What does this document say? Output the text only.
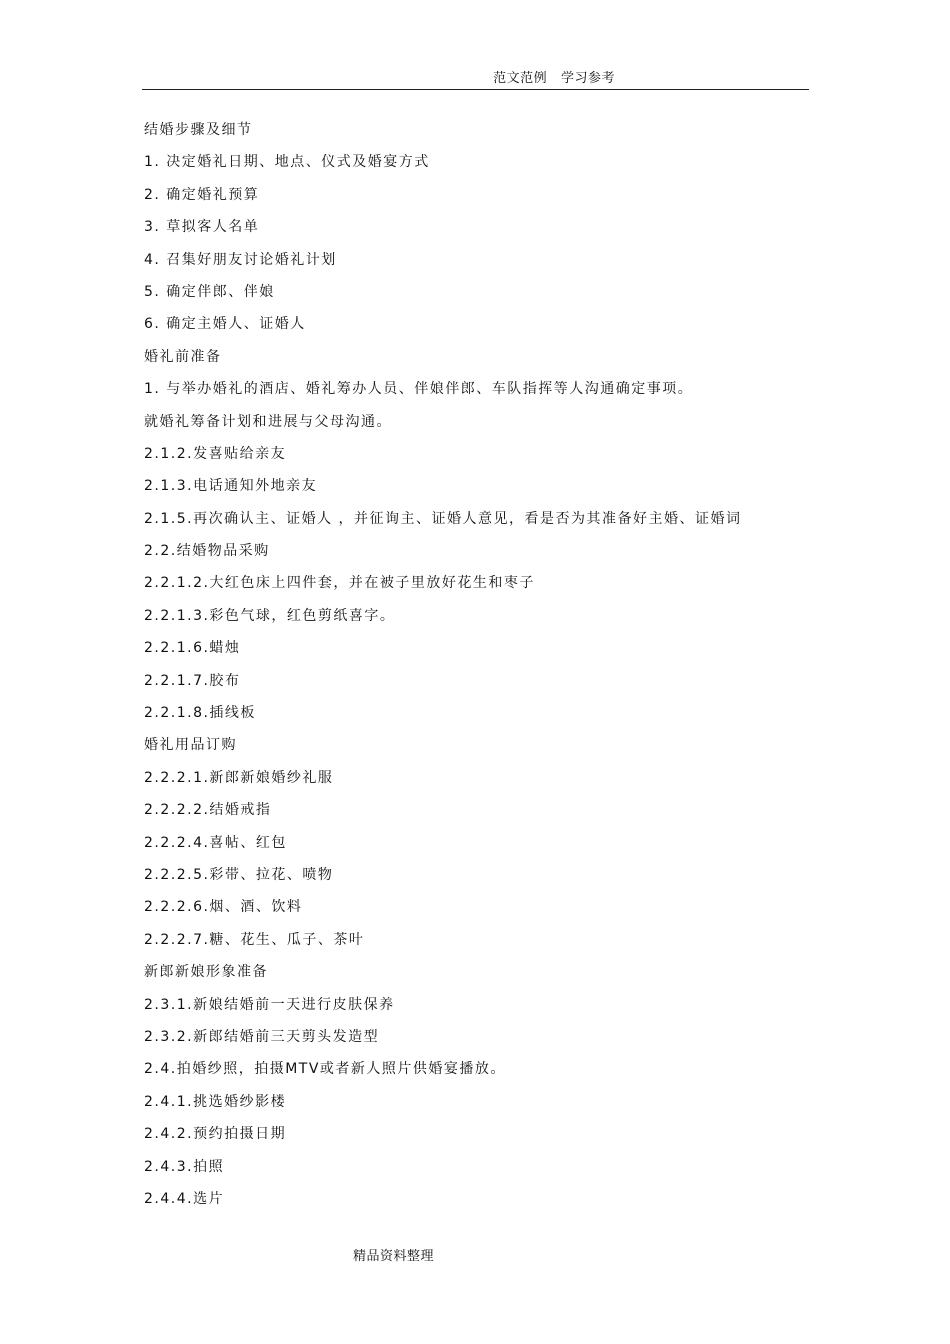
范文范例   学习参考
结婚步骤及细节
1. 决定婚礼日期、地点、仪式及婚宴方式
2. 确定婚礼预算
3. 草拟客人名单
4. 召集好朋友讨论婚礼计划
5. 确定伴郎、伴娘
6. 确定主婚人、证婚人
婚礼前准备
1. 与举办婚礼的酒店、婚礼筹办人员、伴娘伴郎、车队指挥等人沟通确定事项。
就婚礼筹备计划和进展与父母沟通。
2.1.2.发喜贴给亲友
2.1.3.电话通知外地亲友
2.1.5.再次确认主、证婚人 ，并征询主、证婚人意见，看是否为其准备好主婚、证婚词
2.2.结婚物品采购
2.2.1.2.大红色床上四件套，并在被子里放好花生和枣子
2.2.1.3.彩色气球，红色剪纸喜字。
2.2.1.6.蜡烛
2.2.1.7.胶布
2.2.1.8.插线板
婚礼用品订购
2.2.2.1.新郎新娘婚纱礼服
2.2.2.2.结婚戒指
2.2.2.4.喜帖、红包
2.2.2.5.彩带、拉花、喷物
2.2.2.6.烟、酒、饮料
2.2.2.7.糖、花生、瓜子、茶叶
新郎新娘形象准备
2.3.1.新娘结婚前一天进行皮肤保养
2.3.2.新郎结婚前三天剪头发造型
2.4.拍婚纱照，拍摄MTV或者新人照片供婚宴播放。
2.4.1.挑选婚纱影楼
2.4.2.预约拍摄日期
2.4.3.拍照
2.4.4.选片
精品资料整理
